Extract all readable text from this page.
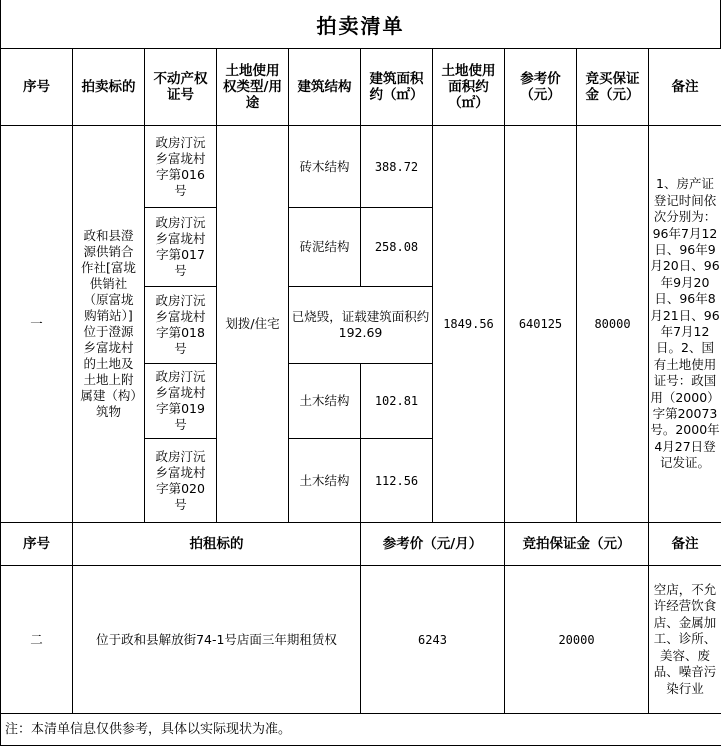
拍卖清单
序号	拍卖标的	不动产权证号	土地使用权类型/用途	建筑结构	建筑面积约（㎡）	土地使用面积约（㎡）	参考价（元）	竞买保证金（元）	备注
一	政和县澄源供销合作社[富垅供销社（原富垅购销站）]位于澄源乡富垅村的土地及土地上附属建（构）筑物	政房汀沅乡富垅村字第016号	划拨/住宅	砖木结构	388.72	1849.56	640125	80000	1、房产证登记时间依次分别为：96年7月12日、96年9月20日、96年9月20日、96年8月21日、96年7月12日。2、国有土地使用证号：政国用（2000）字第20073号。2000年4月27日登记发证。
		政房汀沅乡富垅村字第017号		砖泥结构	258.08				
		政房汀沅乡富垅村字第018号		已烧毁，证载建筑面积约192.69					
		政房汀沅乡富垅村字第019号		土木结构	102.81				
		政房汀沅乡富垅村字第020号		土木结构	112.56				
序号	拍租标的				参考价（元/月）		竞拍保证金（元）		备注
二	位于政和县解放街74-1号店面三年期租赁权				6243		20000		空店，不允许经营饮食店、金属加工、诊所、美容、废品、噪音污染行业
注：本清单信息仅供参考，具体以实际现状为准。									
